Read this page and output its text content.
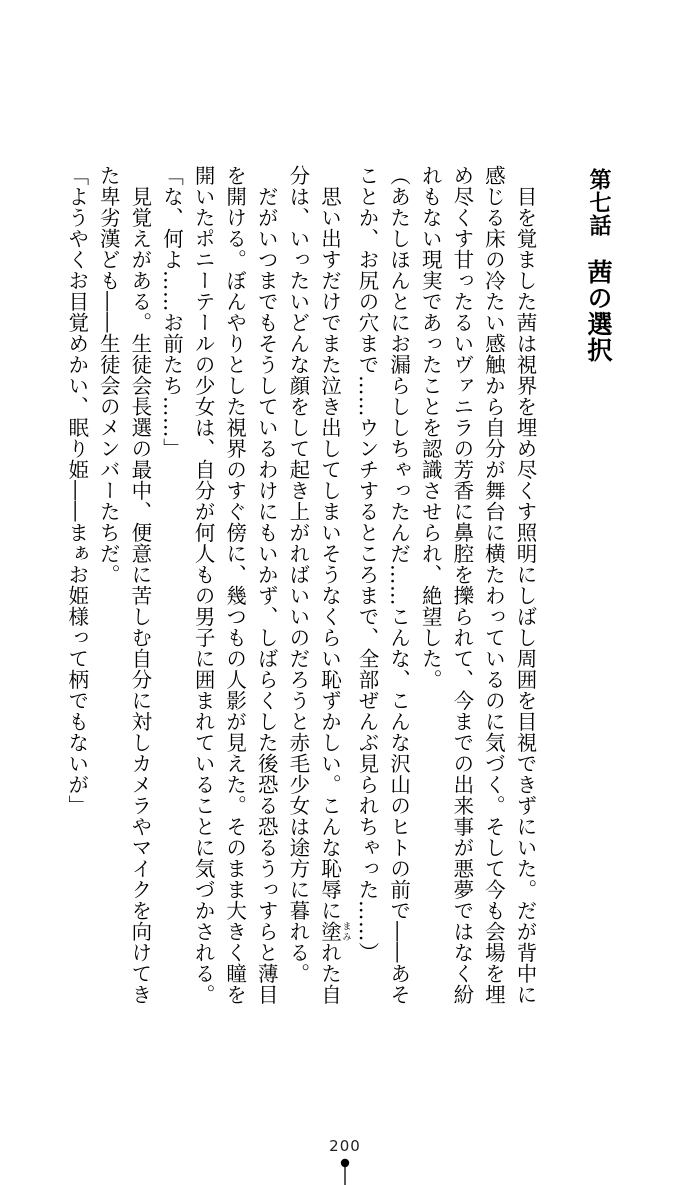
第七話茜の選択

目を覚ました茜は視界を埋め尽くす照明にしばし周囲を目視できずにいた。だが背中に

感じる床の冷たい感触から自分が舞台に横たわっているのに気づく。そして今も会場を埋

め尽くす甘ったるいヴァニラの芳香に鼻腔を擽られて、今までの出来事が悪夢ではなく紛

れもない現実であったことを認識させられ、絶望した。

（あたしほんとにお漏らししちゃったんだ……こんな、こんな沢山のヒトの前で――あそ

ことか、お尻の穴まで……ウンチするところまで、全部ぜんぶ見られちゃった……）

思い出すだけでまた泣き出してしまいそうなくらい恥ずかしい。こんな恥辱に塗 まみれた自

分は、いったいどんな顔をして起き上がればいいのだろうと赤毛少女は途方に暮れる。

だがいつまでもそうしているわけにもいかず、しばらくした後恐る恐るうっすらと薄目

を開ける。ぼんやりとした視界のすぐ傍に、幾つもの人影が見えた。そのまま大きく瞳を

開いたポニーテールの少女は、自分が何人もの男子に囲まれていることに気づかされる。

「な、何よ……お前たち……」

見覚えがある。生徒会長選の最中、便意に苦しむ自分に対しカメラやマイクを向けてき

た卑劣漢ども――生徒会のメンバーたちだ。

「ようやくお目覚めかい、眠り姫――まぁお姫様って柄でもないが」

200
